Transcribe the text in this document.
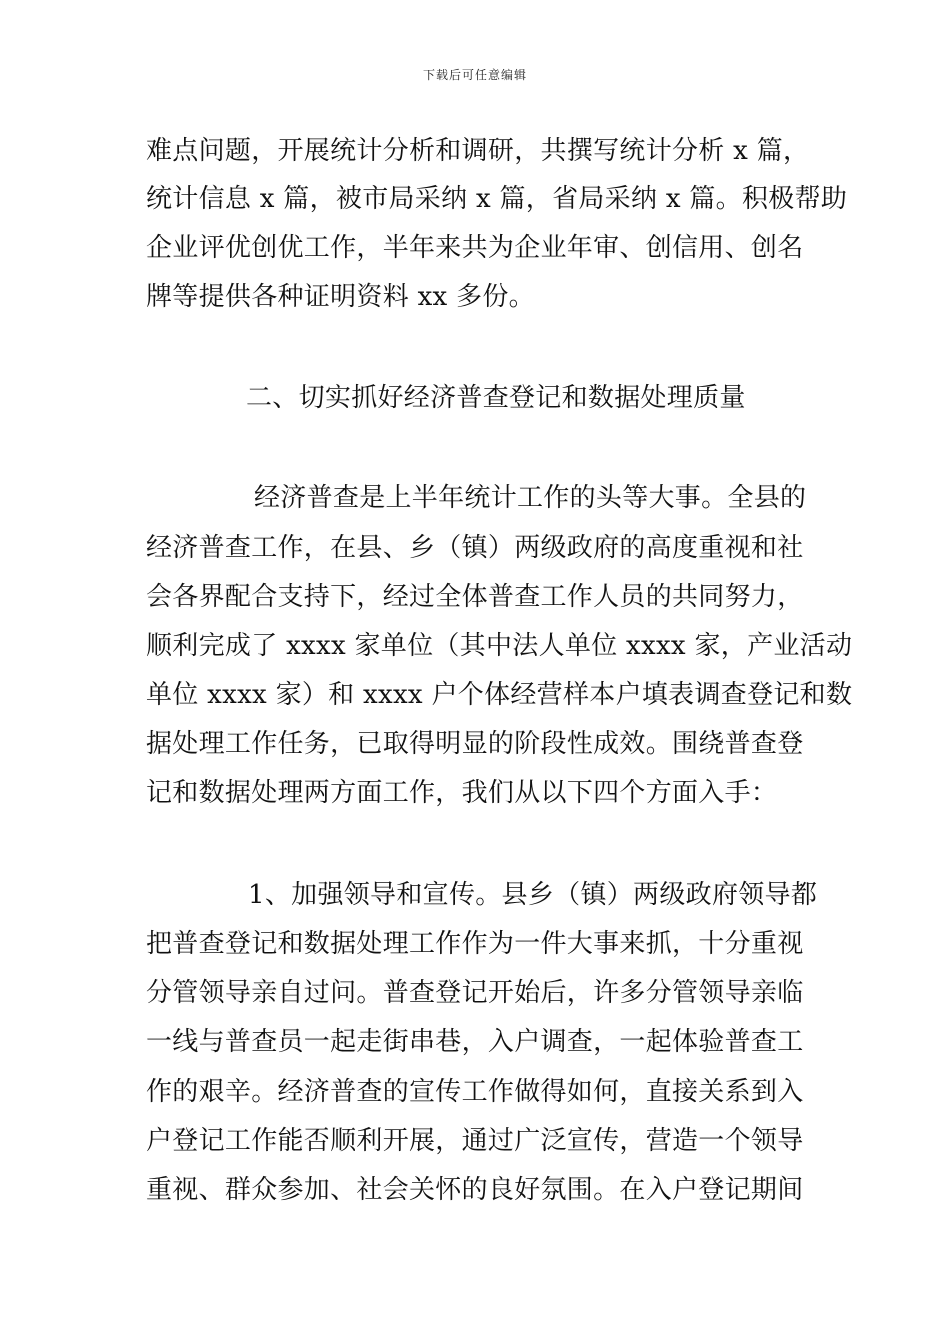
下载后可任意编辑
难点问题，开展统计分析和调研，共撰写统计分析 x 篇，
统计信息 x 篇，被市局采纳 x 篇，省局采纳 x 篇。积极帮助
企业评优创优工作，半年来共为企业年审、创信用、创名
牌等提供各种证明资料 xx 多份。
二、切实抓好经济普查登记和数据处理质量
经济普查是上半年统计工作的头等大事。全县的
经济普查工作，在县、乡（镇）两级政府的高度重视和社
会各界配合支持下，经过全体普查工作人员的共同努力，
顺利完成了 xxxx 家单位（其中法人单位 xxxx 家，产业活动
单位 xxxx 家）和 xxxx 户个体经营样本户填表调查登记和数
据处理工作任务，已取得明显的阶段性成效。围绕普查登
记和数据处理两方面工作，我们从以下四个方面入手：
1、加强领导和宣传。县乡（镇）两级政府领导都
把普查登记和数据处理工作作为一件大事来抓，十分重视
分管领导亲自过问。普查登记开始后，许多分管领导亲临
一线与普查员一起走街串巷，入户调查，一起体验普查工
作的艰辛。经济普查的宣传工作做得如何，直接关系到入
户登记工作能否顺利开展，通过广泛宣传，营造一个领导
重视、群众参加、社会关怀的良好氛围。在入户登记期间
